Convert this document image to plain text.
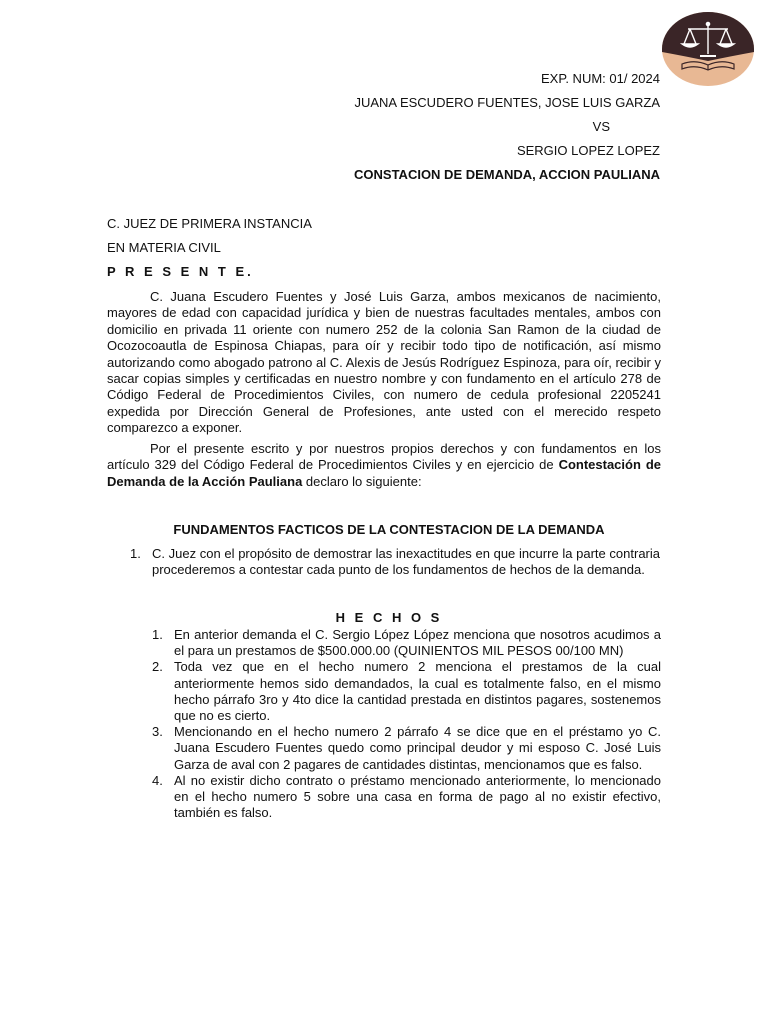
EXP. NUM: 01/ 2024

JUANA ESCUDERO FUENTES, JOSE LUIS GARZA

VS

SERGIO LOPEZ LOPEZ

CONSTACION DE DEMANDA, ACCION PAULIANA

C. JUEZ DE PRIMERA INSTANCIA

EN MATERIA CIVIL

P R E S E N T E.

C. Juana Escudero Fuentes y José Luis Garza, ambos mexicanos de nacimiento, mayores de edad con capacidad jurídica y bien de nuestras facultades mentales, ambos con domicilio en privada 11 oriente con numero 252 de la colonia San Ramon de la ciudad de Ocozocoautla de Espinosa Chiapas, para oír y recibir todo tipo de notificación, así mismo autorizando como abogado patrono al C. Alexis de Jesús Rodríguez Espinoza, para oír, recibir y sacar copias simples y certificadas en nuestro nombre y con fundamento en el artículo 278 de Código Federal de Procedimientos Civiles, con numero de cedula profesional 2205241 expedida por Dirección General de Profesiones, ante usted con el merecido respeto comparezco a exponer.

Por el presente escrito y por nuestros propios derechos y con fundamentos en los artículo 329 del Código Federal de Procedimientos Civiles y en ejercicio de Contestación de Demanda de la Acción Pauliana declaro lo siguiente:

FUNDAMENTOS FACTICOS DE LA CONTESTACION DE LA DEMANDA

1. C. Juez con el propósito de demostrar las inexactitudes en que incurre la parte contraria procederemos a contestar cada punto de los fundamentos de hechos de la demanda.

H E C H O S

1. En anterior demanda el C. Sergio López López menciona que nosotros acudimos a el para un prestamos de $500.000.00 (QUINIENTOS MIL PESOS 00/100 MN)
2. Toda vez que en el hecho numero 2 menciona el prestamos de la cual anteriormente hemos sido demandados, la cual es totalmente falso, en el mismo hecho párrafo 3ro y 4to dice la cantidad prestada en distintos pagares, sostenemos que no es cierto.
3. Mencionando en el hecho numero 2 párrafo 4 se dice que en el préstamo yo C. Juana Escudero Fuentes quedo como principal deudor y mi esposo C. José Luis Garza de aval con 2 pagares de cantidades distintas, mencionamos que es falso.
4. Al no existir dicho contrato o préstamo mencionado anteriormente, lo mencionado en el hecho numero 5 sobre una casa en forma de pago al no existir efectivo, también es falso.
